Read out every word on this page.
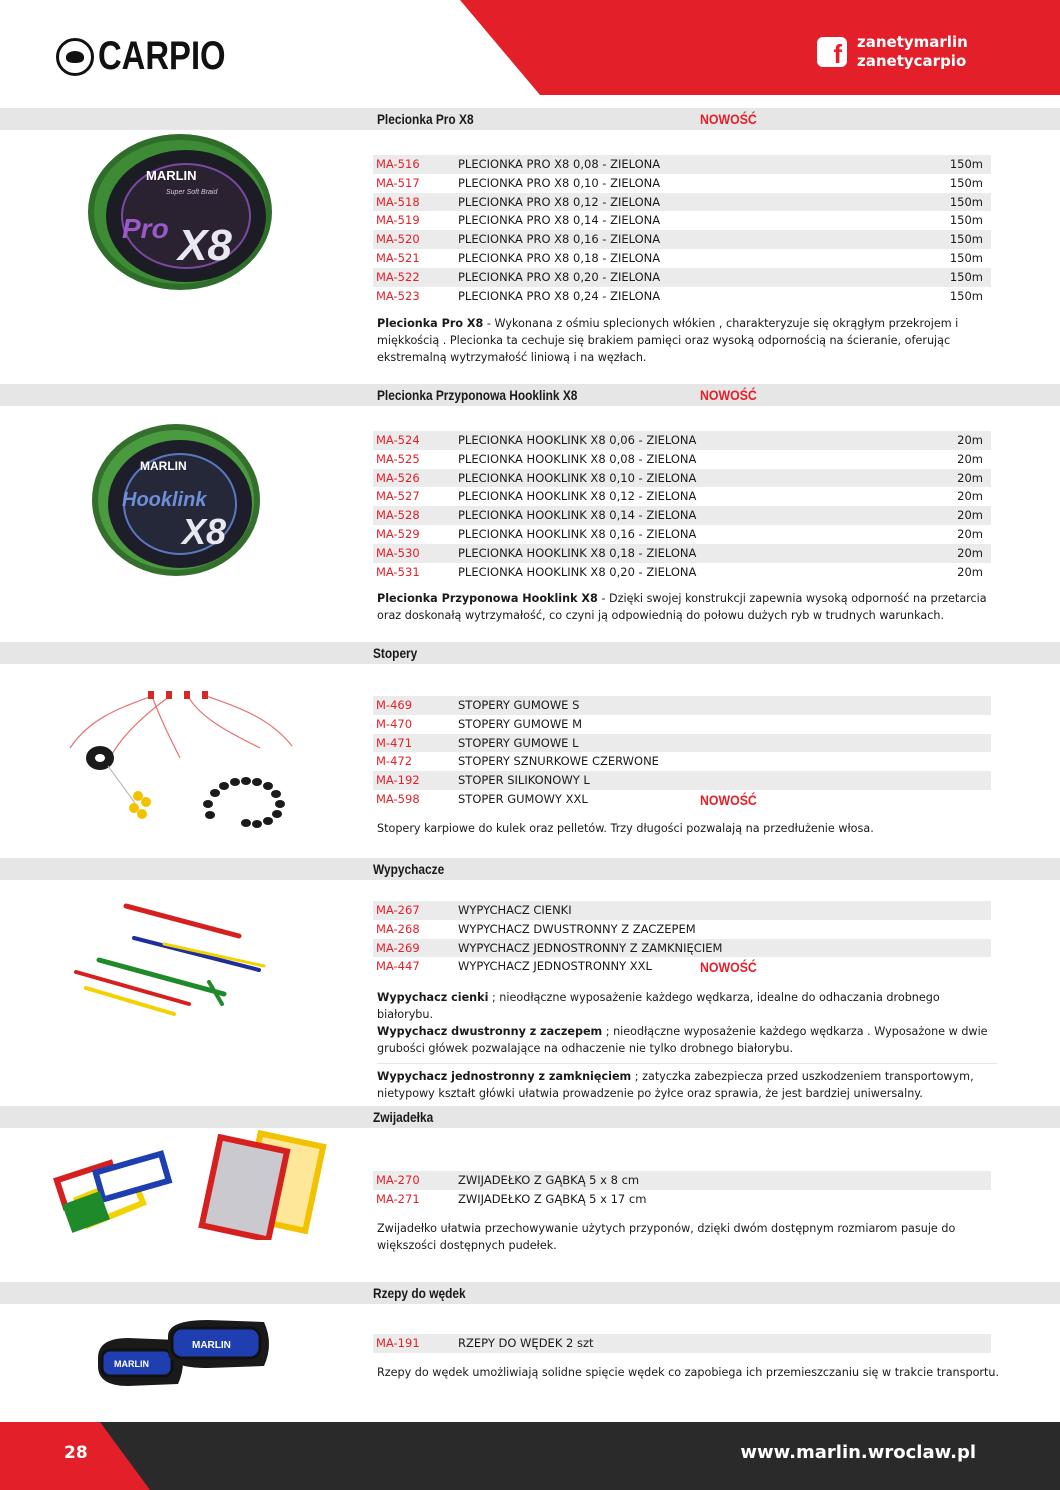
CARPIO	f	zanetymarlin
zanetycarpio
Plecionka Pro X8	NOWOŚĆ
MARLIN
Super Soft Braid
Pro X8
MA-516	PLECIONKA PRO X8 0,08 - ZIELONA	150m
MA-517	PLECIONKA PRO X8 0,10 - ZIELONA	150m
MA-518	PLECIONKA PRO X8 0,12 - ZIELONA	150m
MA-519	PLECIONKA PRO X8 0,14 - ZIELONA	150m
MA-520	PLECIONKA PRO X8 0,16 - ZIELONA	150m
MA-521	PLECIONKA PRO X8 0,18 - ZIELONA	150m
MA-522	PLECIONKA PRO X8 0,20 - ZIELONA	150m
MA-523	PLECIONKA PRO X8 0,24 - ZIELONA	150m
Plecionka Pro X8 - Wykonana z ośmiu splecionych włókien , charakteryzuje się okrągłym przekrojem i miękkością . Plecionka ta cechuje się brakiem pamięci oraz wysoką odpornością na ścieranie, oferując ekstremalną wytrzymałość liniową i na węzłach.
Plecionka Przyponowa Hooklink X8	NOWOŚĆ
MARLIN
Hooklink
X8
MA-524	PLECIONKA HOOKLINK X8 0,06 - ZIELONA	20m
MA-525	PLECIONKA HOOKLINK X8 0,08 - ZIELONA	20m
MA-526	PLECIONKA HOOKLINK X8 0,10 - ZIELONA	20m
MA-527	PLECIONKA HOOKLINK X8 0,12 - ZIELONA	20m
MA-528	PLECIONKA HOOKLINK X8 0,14 - ZIELONA	20m
MA-529	PLECIONKA HOOKLINK X8 0,16 - ZIELONA	20m
MA-530	PLECIONKA HOOKLINK X8 0,18 - ZIELONA	20m
MA-531	PLECIONKA HOOKLINK X8 0,20 - ZIELONA	20m
Plecionka Przyponowa Hooklink X8 - Dzięki swojej konstrukcji zapewnia wysoką odporność na przetarcia oraz doskonałą wytrzymałość, co czyni ją odpowiednią do połowu dużych ryb w trudnych warunkach.
Stopery
M-469	STOPERY GUMOWE S
M-470	STOPERY GUMOWE M
M-471	STOPERY GUMOWE L
M-472	STOPERY SZNURKOWE CZERWONE
MA-192	STOPER SILIKONOWY L
MA-598	STOPER GUMOWY XXL	NOWOŚĆ
Stopery karpiowe do kulek oraz pelletów. Trzy długości pozwalają na przedłużenie włosa.
Wypychacze
MA-267	WYPYCHACZ CIENKI
MA-268	WYPYCHACZ DWUSTRONNY Z ZACZEPEM
MA-269	WYPYCHACZ JEDNOSTRONNY Z ZAMKNIĘCIEM
MA-447	WYPYCHACZ JEDNOSTRONNY XXL	NOWOŚĆ
Wypychacz cienki ; nieodłączne wyposażenie każdego wędkarza, idealne do odhaczania drobnego białorybu.
Wypychacz dwustronny z zaczepem ; nieodłączne wyposażenie każdego wędkarza . Wyposażone w dwie grubości główek pozwalające na odhaczenie nie tylko drobnego białorybu.
Wypychacz jednostronny z zamknięciem ; zatyczka zabezpiecza przed uszkodzeniem transportowym, nietypowy kształt główki ułatwia prowadzenie po żyłce oraz sprawia, że jest bardziej uniwersalny.
Zwijadełka
MA-270	ZWIJADEŁKO Z GĄBKĄ 5 x 8 cm
MA-271	ZWIJADEŁKO Z GĄBKĄ 5 x 17 cm
Zwijadełko ułatwia przechowywanie użytych przyponów, dzięki dwóm dostępnym rozmiarom pasuje do większości dostępnych pudełek.
Rzepy do wędek
MARLIN
MARLIN	MA-191	RZEPY DO WĘDEK 2 szt
Rzepy do wędek umożliwiają solidne spięcie wędek co zapobiega ich przemieszczaniu się w trakcie transportu.
28	www.marlin.wroclaw.pl
